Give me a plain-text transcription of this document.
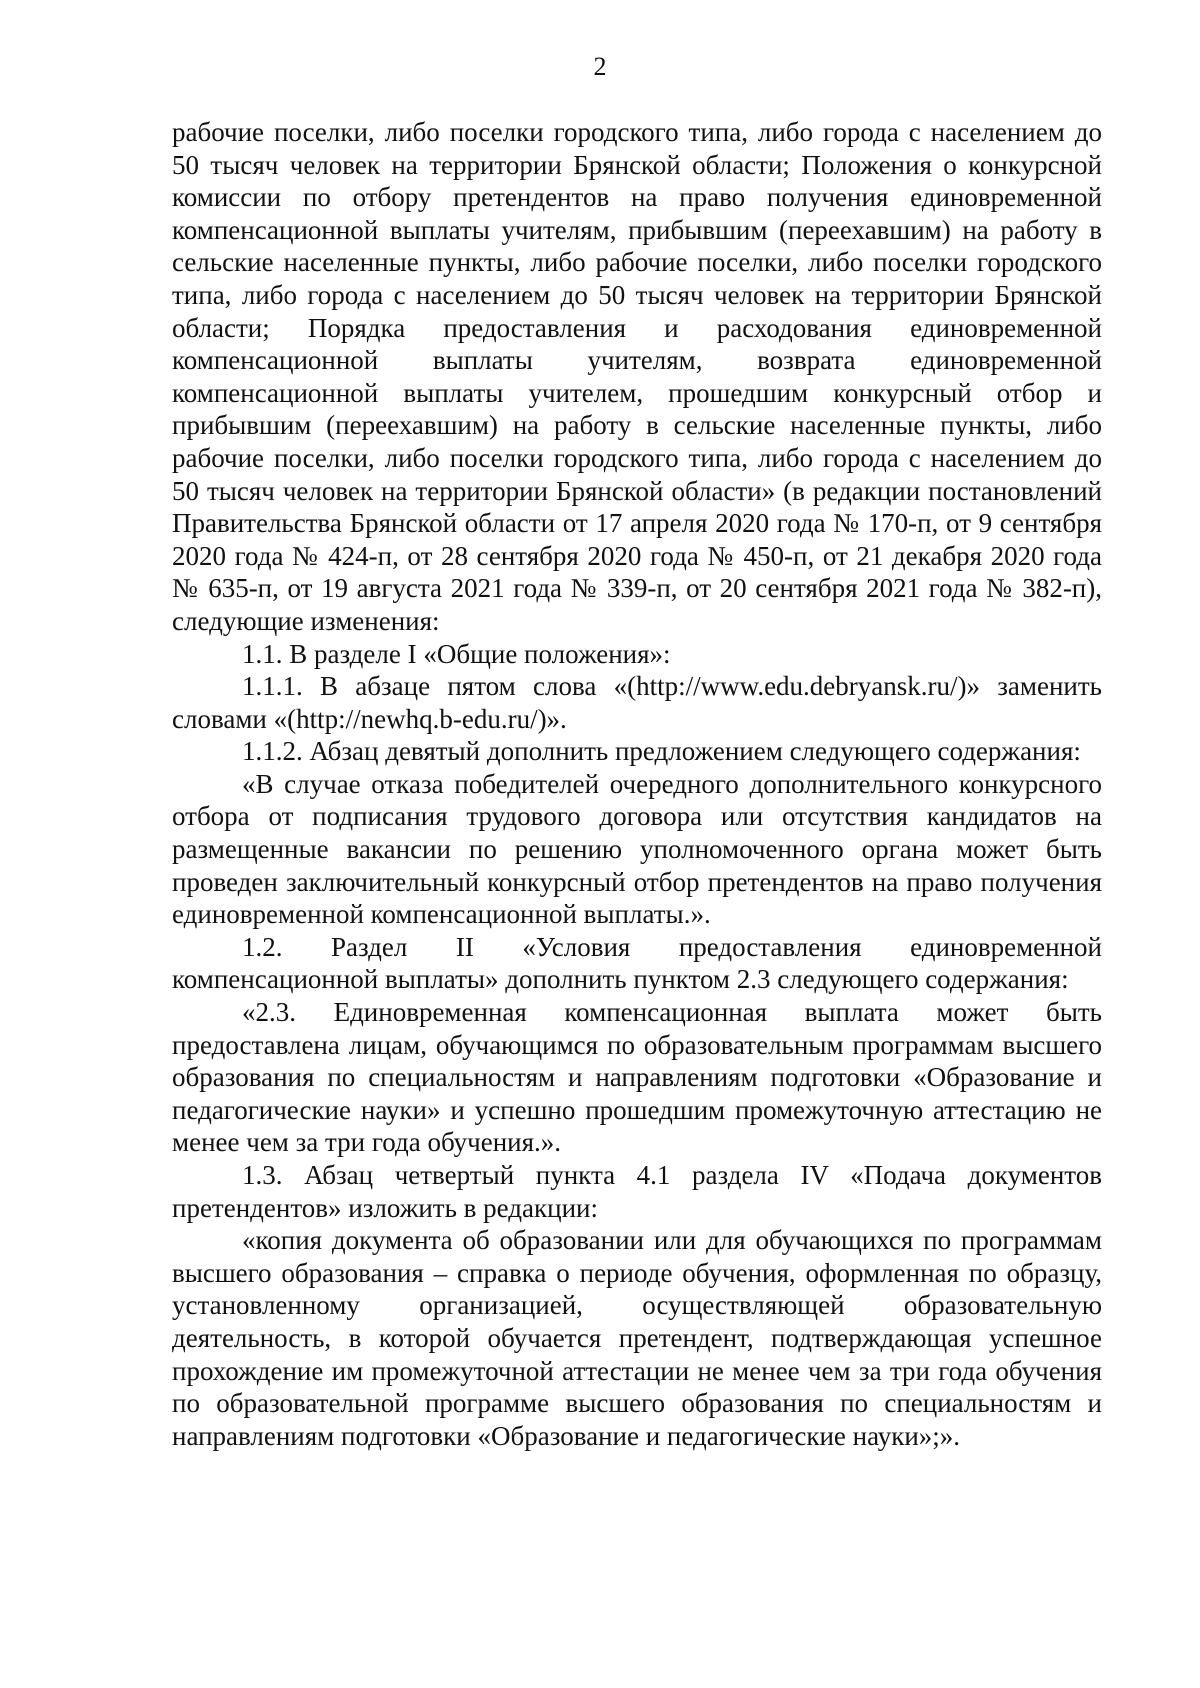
2

рабочие поселки, либо поселки городского типа, либо города с населением до 50 тысяч человек на территории Брянской области; Положения о конкурсной комиссии по отбору претендентов на право получения единовременной компенсационной выплаты учителям, прибывшим (переехавшим) на работу в сельские населенные пункты, либо рабочие поселки, либо поселки городского типа, либо города с населением до 50 тысяч человек на территории Брянской области; Порядка предоставления и расходования единовременной компенсационной выплаты учителям, возврата единовременной компенсационной выплаты учителем, прошедшим конкурсный отбор и прибывшим (переехавшим) на работу в сельские населенные пункты, либо рабочие поселки, либо поселки городского типа, либо города с населением до 50 тысяч человек на территории Брянской области» (в редакции постановлений Правительства Брянской области от 17 апреля 2020 года № 170-п, от 9 сентября 2020 года № 424-п, от 28 сентября 2020 года № 450-п, от 21 декабря 2020 года № 635-п, от 19 августа 2021 года № 339-п, от 20 сентября 2021 года № 382-п), следующие изменения:

1.1. В разделе I «Общие положения»:

1.1.1. В абзаце пятом слова «(http://www.edu.debryansk.ru/)» заменить словами «(http://newhq.b-edu.ru/)».

1.1.2. Абзац девятый дополнить предложением следующего содержания:

«В случае отказа победителей очередного дополнительного конкурсного отбора от подписания трудового договора или отсутствия кандидатов на размещенные вакансии по решению уполномоченного органа может быть проведен заключительный конкурсный отбор претендентов на право получения единовременной компенсационной выплаты.».

1.2. Раздел II «Условия предоставления единовременной компенсационной выплаты» дополнить пунктом 2.3 следующего содержания:

«2.3. Единовременная компенсационная выплата может быть предоставлена лицам, обучающимся по образовательным программам высшего образования по специальностям и направлениям подготовки «Образование и педагогические науки» и успешно прошедшим промежуточную аттестацию не менее чем за три года обучения.».

1.3. Абзац четвертый пункта 4.1 раздела IV «Подача документов претендентов» изложить в редакции:

«копия документа об образовании или для обучающихся по программам высшего образования – справка о периоде обучения, оформленная по образцу, установленному организацией, осуществляющей образовательную деятельность, в которой обучается претендент, подтверждающая успешное прохождение им промежуточной аттестации не менее чем за три года обучения по образовательной программе высшего образования по специальностям и направлениям подготовки «Образование и педагогические науки»;».
